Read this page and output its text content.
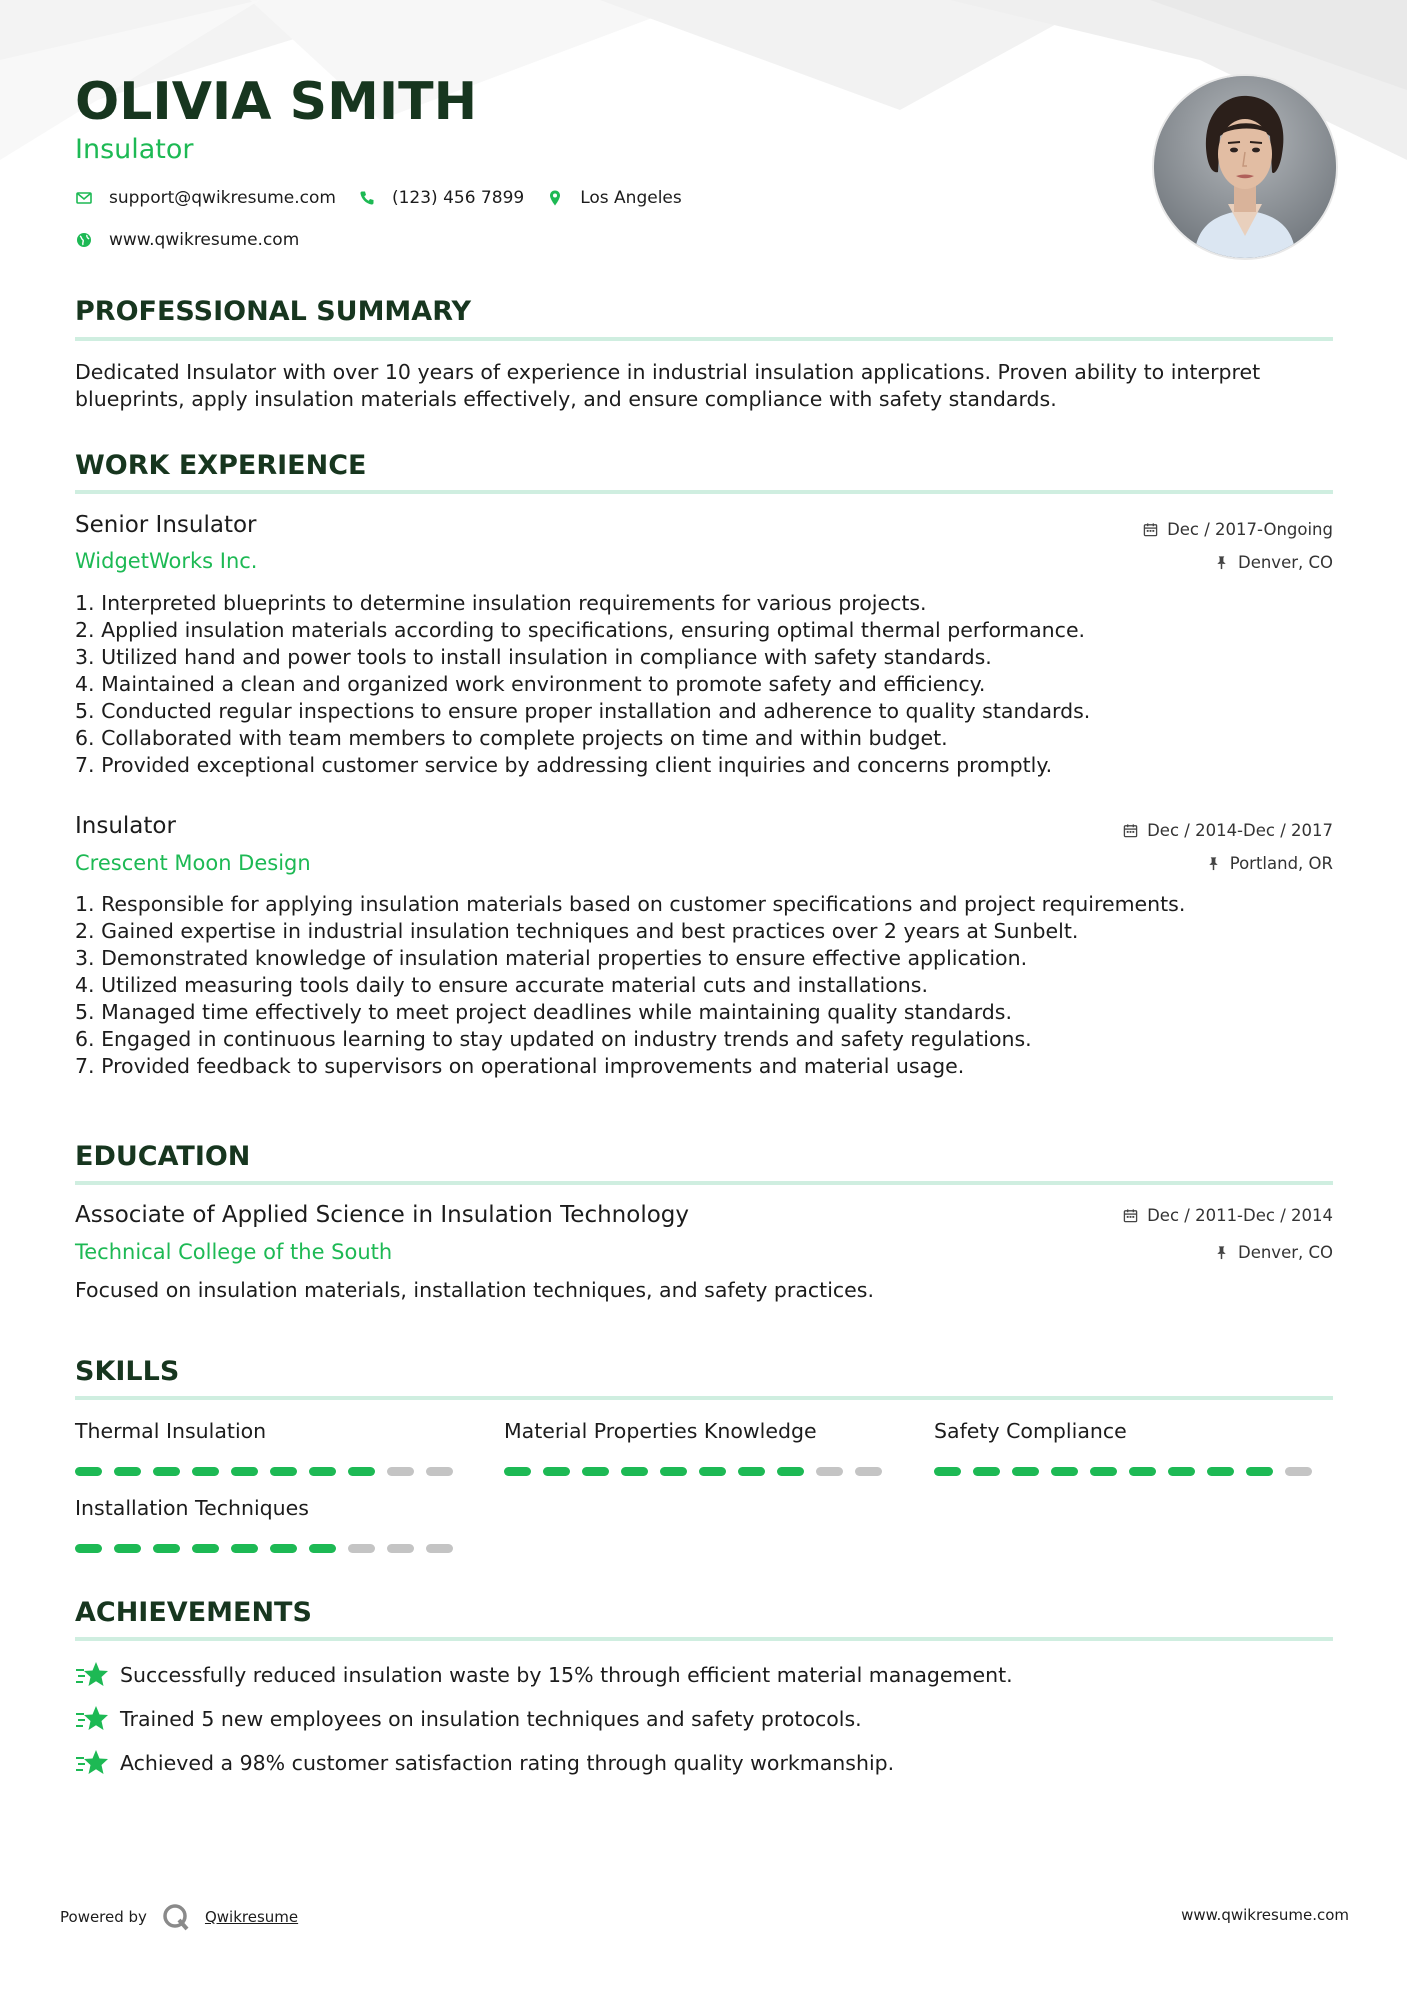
OLIVIA SMITH
Insulator
support@qwikresume.com	(123) 456 7899	Los Angeles
www.qwikresume.com
PROFESSIONAL SUMMARY
Dedicated Insulator with over 10 years of experience in industrial insulation applications. Proven ability to interpret blueprints, apply insulation materials effectively, and ensure compliance with safety standards.
WORK EXPERIENCE
Senior Insulator	Dec / 2017-Ongoing
WidgetWorks Inc.	Denver, CO
1. Interpreted blueprints to determine insulation requirements for various projects.
2. Applied insulation materials according to specifications, ensuring optimal thermal performance.
3. Utilized hand and power tools to install insulation in compliance with safety standards.
4. Maintained a clean and organized work environment to promote safety and efficiency.
5. Conducted regular inspections to ensure proper installation and adherence to quality standards.
6. Collaborated with team members to complete projects on time and within budget.
7. Provided exceptional customer service by addressing client inquiries and concerns promptly.
Insulator	Dec / 2014-Dec / 2017
Crescent Moon Design	Portland, OR
1. Responsible for applying insulation materials based on customer specifications and project requirements.
2. Gained expertise in industrial insulation techniques and best practices over 2 years at Sunbelt.
3. Demonstrated knowledge of insulation material properties to ensure effective application.
4. Utilized measuring tools daily to ensure accurate material cuts and installations.
5. Managed time effectively to meet project deadlines while maintaining quality standards.
6. Engaged in continuous learning to stay updated on industry trends and safety regulations.
7. Provided feedback to supervisors on operational improvements and material usage.
EDUCATION
Associate of Applied Science in Insulation Technology	Dec / 2011-Dec / 2014
Technical College of the South	Denver, CO
Focused on insulation materials, installation techniques, and safety practices.
SKILLS
Thermal Insulation	Material Properties Knowledge	Safety Compliance
Installation Techniques
ACHIEVEMENTS
Successfully reduced insulation waste by 15% through efficient material management.
Trained 5 new employees on insulation techniques and safety protocols.
Achieved a 98% customer satisfaction rating through quality workmanship.
Powered by	Qwikresume	www.qwikresume.com
